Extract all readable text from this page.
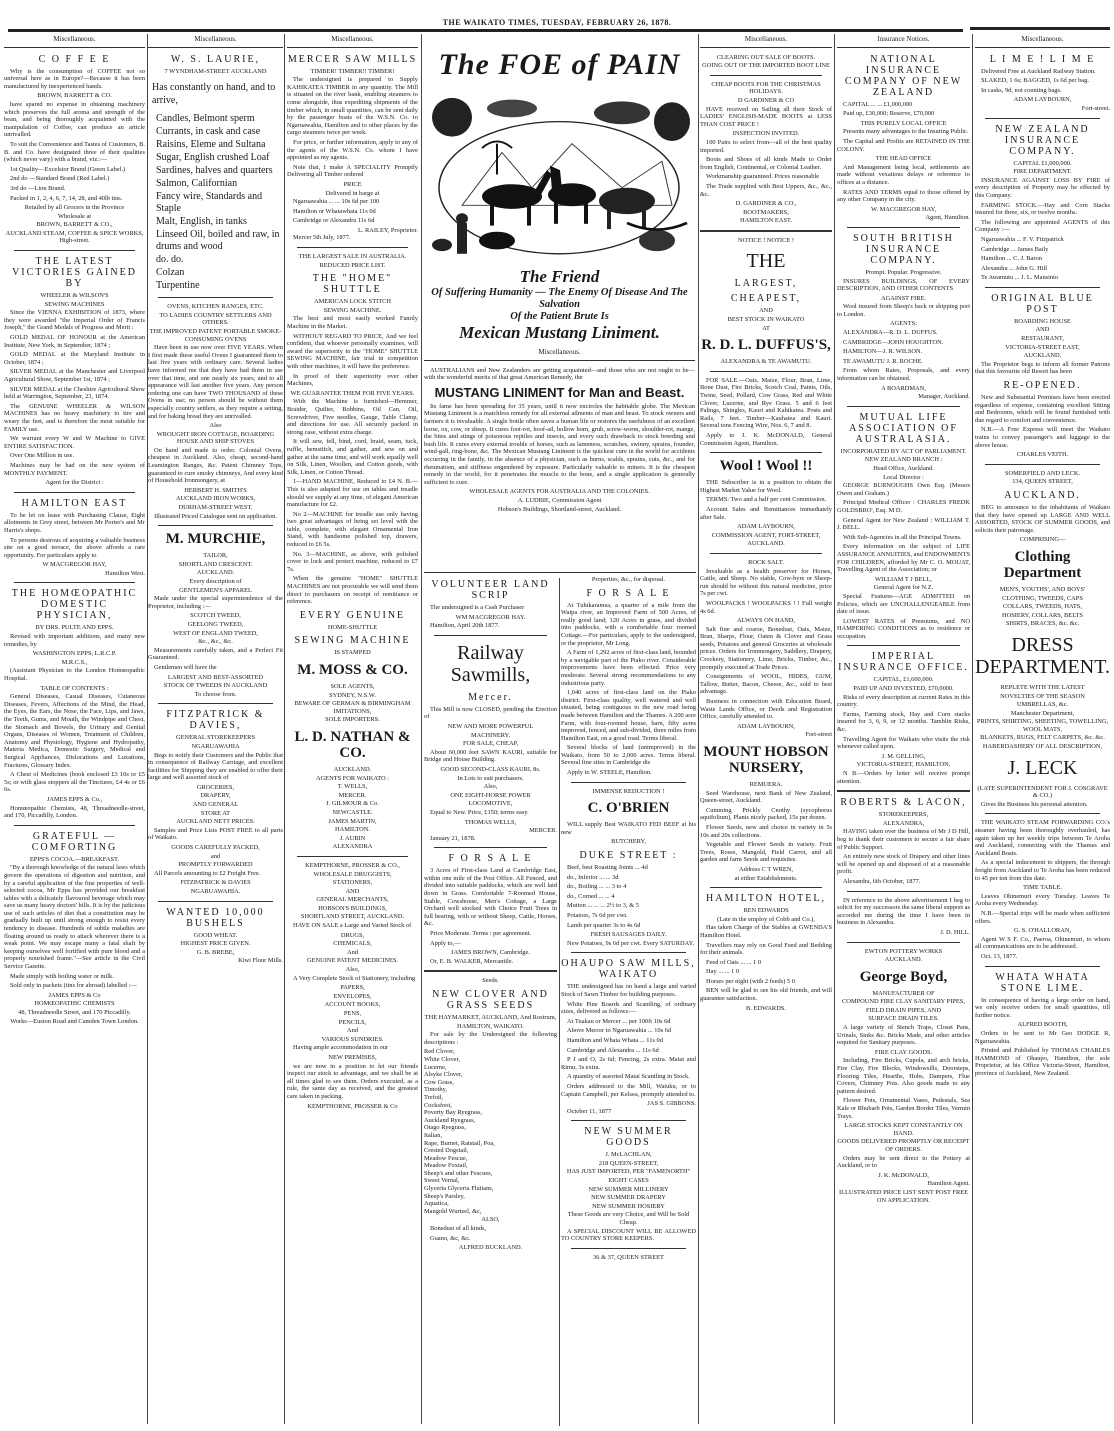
THE WAIKATO TIMES, TUESDAY, FEBRUARY 26, 1878.
The FOE of PAIN
The Friend
Of Suffering Humanity — The Enemy Of Disease And The Salvation
Of the Patient Brute Is
Mexican Mustang Liniment.
Miscellaneous.
C O F F E E
Why is the consumption of COFFEE not so universal here as in Europe?—Because it has been manufactured by inexperienced hands.
BROWN, BARRETT & CO.
have spared no expense in obtaining machinery which preserves the full aroma and strength of the bean, and being thoroughly acquainted with the manipulation of Coffee, can produce an article unrivalled.
To suit the Convenience and Tastes of Customers, B. B. and Co. have designated three of their qualities (which never vary) with a brand, viz.:—
1st Quality—Excelsior Brand (Green Label.)
2nd do —Standard Brand (Red Label.)
3rd do —Lion Brand.
Packed in 1, 2, 4, 6, 7, 14, 28, and 40lb tins.
Retailed by all Grocers in the Province
Wholesale at
BROWN, BARRETT & CO.,
AUCKLAND STEAM, COFFEE & SPICE WORKS, High-street.
THE LATEST VICTORIES GAINED BY
WHEELER & WILSON'S
SEWING MACHINES
Since the VIENNA EXHIBITION of 1873, where they were awarded "the Imperial Order of Francis Joseph," the Grand Medals of Progress and Merit :
GOLD MEDAL OF HONOUR at the American Institute, New York, in September, 1874 ;
GOLD MEDAL at the Maryland Institute in October, 1874 ;
SILVER MEDAL at the Manchester and Liverpool Agricultural Show, September 1st, 1874 ;
SILVER MEDAL at the Cheshire Agricultural Show held at Warrington, September, 23, 1874.
The GENUINE WHEELER & WILSON MACHINES has no heavy machinery to tire and weary the feet, and is therefore the most suitable for FAMILY use.
We warrant every W and W Machine to GIVE ENTIRE SATISFACTION.
Over One Million in use.
Machines may be had on the new system of MONTHLY PAYMENT.
Agent for the District :
HAMILTON EAST
To be let on lease with Purchasing Clause, Eight allotments in Grey street, between Mr Porter's and Mr Harris's shops.
To persons desirous of acquiring a valuable business site on a good terrace, the above affords a rare opportunity. For particulars apply to
W MACGREGOR HAY,
Hamilton West.
THE HOMŒOPATHIC DOMESTIC PHYSICIAN,
BY DRS. PULTE AND EPPS.
Revised with important additions, and many new remedies, by
WASHINGTON EPPS, L.R.C.P.
M.R.C.S.,
(Assistant Physician to the London Homœopathic Hospital.
TABLE OF CONTENTS :
General Diseases, Casual Diseases, Cutaneous Diseases, Fevers, Affections of the Mind, the Head, the Eyes, the Ears, the Nose, the Face, Lips, and Jaws, the Teeth, Gums, and Mouth, the Windpipe and Chest, the Stomach and Bowels, the Urinary and Genital Organs, Diseases of Women, Treatment of Children, Anatomy and Physiology, Hygiene and Hydropathy, Materia Medica, Domestic Surgery, Medical and Surgical Appliances, Dislocations and Luxations, Fractures, Glossary Index.
A Chest of Medicines (book enclosed £3 10s or £5 5s; or with glass stoppers all the Tinctures, £4 4s or £6 6s.
JAMES EPPS & Co.,
Homœopathic Chemists, 48, Threadneedle-street, and 170, Piccadilly, London.
GRATEFUL — COMFORTING
EPPS'S COCOA.—BREAKFAST.
"By a thorough knowledge of the natural laws which govern the operations of digestion and nutrition, and by a careful application of the fine properties of well-selected cocoa, Mr Epps has provided our breakfast tables with a delicately flavoured beverage which may save us many heavy doctors' bills. It is by the judicious use of such articles of diet that a constitution may be gradually built up until strong enough to resist every tendency to disease. Hundreds of subtle maladies are floating around us ready to attack wherever there is a weak point. We may escape many a fatal shaft by keeping ourselves well fortified with pure blood and a properly nourished frame."—See article in the Civil Service Gazette.
Made simply with boiling water or milk.
Sold only in packets (tins for abroad) labelled :—
JAMES EPPS & Co
HOMŒOPATHIC CHEMISTS
48, Threadneedle Street, and 170 Piccadilly.
Works—Euston Road and Camden Town London.
Miscellaneous.
W. S. LAURIE,
7 WYNDHAM-STREET AUCKLAND
Has constantly on hand, and to arrive,
Candles, Belmont sperm
Currants, in cask and case
Raisins, Eleme and Sultana
Sugar, English crushed Loaf
Sardines, halves and quarters
Salmon, Californian
Fancy wire, Standards and Staple
Malt, English, in tanks
Linseed Oil, boiled and raw, in drums and wood
do. do.
Colzan
Turpentine
OVENS, KITCHEN RANGES, ETC.
TO LADIES COUNTRY SETTLERS AND OTHERS.
THE IMPROVED PATENT PORTABLE SMOKE-CONSUMING OVENS
Have been in use now over FIVE YEARS. When I first made these useful Ovens I guaranteed them to last five years with ordinary care. Several ladies have informed me that they have had them in use over that time, and one nearly six years, and to all appearance will last another five years. Any person ordering one can have TWO THOUSAND of these Ovens in use; no person should be without them especially country settlers, as they require a setting, and for baking bread they are unrivalled.
Also
WROUGHT IRON COTTAGE, BOARDING HOUSE AND SHIP STOVES
On hand and made to order. Colonial Ovens, cheapest in Auckland. Also, cheap, second-hand Leamington Ranges, &c. Patent Chimney Tops, guaranteed to cure smoky chimneys, And every kind of Household Ironmongery, at
HERBERT H. SMITH'S
AUCKLAND IRON WORKS,
DURHAM-STREET WEST.
Illustrated Priced Catalogue sent on application.
M. MURCHIE,
TAILOR,
SHORTLAND CRESCENT.
AUCKLAND.
Every description of
GENTLEMEN'S APPAREL
Made under the special superintendence of the Proprietor, including :—
SCOTCH TWEED,
GEELONG TWEED,
WEST OF ENGLAND TWEED,
&c., &c., &c.
Measurements carefully taken, and a Perfect Fit Guaranteed.
Gentlemen will have the
LARGEST AND BEST-ASSORTED
STOCK OF TWEEDS IN AUCKLAND
To choose from.
FITZPATRICK & DAVIES,
GENERAL STOREKEEPERS
NGARUAWAHIA
Begs to notify their Customers and the Public that in consequence of Railway Carriage, and excellent facilities for Shipping they are enabled to offer their large and well assorted stock of
GROCERIES,
DRAPERY,
AND GENERAL
STORE AT
AUCKLAND NETT PRICES.
Samples and Price Lists POST FREE to all parts of Waikato.
GOODS CAREFULLY PACKED,
and
PROMPTLY FORWARDED
All Parcels amounting to £2 Freight Free.
FITZPATRICK & DAVIES
NGARUAWAHIA.
WANTED 10,000 BUSHELS
GOOD WHEAT.
HIGHEST PRICE GIVEN.
G. B. BREBE,
Kiwi Flour Mills.
Miscellaneous.
MERCER SAW MILLS
TIMBER! TIMBER!! TIMBER!
The undersigned is prepared to Supply KAHIKATEA TIMBER in any quantity. The Mill is situated on the river bank, enabling steamers to come alongside, thus expediting shipments of the timber which, in small quantities, can be sent daily by the passenger boats of the W.S.N. Co. to Ngaruawahia, Hamilton and to other places by the cargo steamers twice per week.
For price, or further information, apply to any of the agents of the W.S.N. Co. whom I have appointed as my agents.
Note that, I make A SPECIALITY Promptly Delivering all Timber ordered
PRICE
Delivered in barge at
Ngaruawahia ... ... 10s 6d per 100
Hamilton or Whatawhata 11s 0d
Cambridge or Alexandra 11s 6d
L. RAILEY, Proprietor.
Mercer 5th July, 1877.
THE LARGEST SALE IN AUSTRALIA.
REDUCED PRICE LIST.
THE "HOME" SHUTTLE
AMERICAN LOCK STITCH
SEWING MACHINE.
The best and most easily worked Family Machine in the Market.
WITHOUT REGARD TO PRICE, And we feel confident, that whoever personally examines, will award the superiority to the "HOME" SHUTTLE SEWING MACHINE, fair trial in competition with other machines, it will have the preference.
In proof of their superiority over other Machines,
WE GUARANTEE THEM FOR FIVE YEARS.
With the Machine is furnished—Hemmer, Braider, Quilter, Bobbins, Oil Can, Oil, Screwdriver, Five needles, Gauge, Table Clamp, and directions for use. All securely packed in strong case, without extra charge.
It will sew, fell, bind, cord, braid, seam, tuck, ruffle, hemstitch, and gather, and sew on and gather at the same time, and will work equally well on Silk, Linen, Woollen, and Cotton goods, with Silk, Linen, or Cotton Thread.
1—HAND MACHINE, Reduced to £4 N. B.—This is also adapted for use on tables and treadle should we supply at any time, of elegant American manufacture for £2.
No 2—MACHINE for treadle use only having two great advantages of being set level with the table, complete, with elegant Ornamental Iron Stand, with handsome polished top, drawers, reduced to £6 5s.
No. 3—MACHINE, as above, with polished cover to lock and protect machine, reduced to £7 7s.
When the genuine "HOME" SHUTTLE MACHINES are not procurable we will send them direct to purchasers on receipt of remittance or reference.
EVERY GENUINE
HOME-SHUTTLE
SEWING MACHINE
IS STAMPED
M. MOSS & CO.
SOLE AGENTS,
SYDNEY, N.S.W.
BEWARE OF GERMAN & BIRMINGHAM IMITATIONS,
SOLE IMPORTERS.
L. D. NATHAN & CO.
AUCKLAND.
AGENTS FOR WAIKATO :
T. WELLS,
MERCER.
J. GILMOUR & Co.
NEWCASTLE.
JAMES MARTIN,
HAMILTON.
J. AUBIN
ALEXANDRA
KEMPTHORNE, PROSSER & CO.,
WHOLESALE DRUGGISTS,
STATIONERS,
AND
GENERAL MERCHANTS,
HOBSON'S BUILDINGS,
SHORTLAND STREET, AUCKLAND.
HAVE ON SALE a Large and Varied Stock of
DRUGS,
CHEMICALS,
And
GENUINE PATENT MEDICINES.
Also,
A Very Complete Stock of Stationery, including
PAPERS,
ENVELOPES,
ACCOUNT BOOKS,
PENS,
PENCILS,
And
VARIOUS SUNDRIES.
Having ample accommodation in our
NEW PREMISES,
we are now in a position to let our friends inspect our stock to advantage, and we shall be at all times glad to see them. Orders executed, as a rule, the same day as received, and the greatest care taken in packing.
KEMPTHORNE, PROSSER & Co
Miscellaneous.
AUSTRALIANS and New Zealanders are getting acquainted—and those who are not ought to be—with the wonderful merits of that great American Remedy, the
MUSTANG LINIMENT for Man and Beast.
Its fame has been spreading for 35 years, until it now encircles the habitable globe. The Mexican Mustang Liniment is a matchless remedy for all external ailments of man and beast. To stock owners and farmers it is invaluable. A single bottle often saves a human life or restores the usefulness of an excellent horse, ox, cow, or sheep. It cures foot-rot, hoof-ail, hollow horn, grub, screw-worm, shoulder-rot, mange, the bites and stings of poisonous reptiles and insects, and every such drawback to stock breeding and bush life. It cures every external trouble of horses, such as lameness, scratches, swinny, sprains, founder, wind-gall, ring-bone, &c. The Mexican Mustang Liniment is the quickest cure in the world for accidents occurring in the family, in the absence of a physician, such as burns, scalds, sprains, cuts, &c., and for rheumatism, and stiffness engendered by exposure. Particularly valuable to miners. It is the cheapest remedy in the world, for it penetrates the muscle to the bone, and a single application is generally sufficient to cure.
WHOLESALE AGENTS FOR AUSTRALIA AND THE COLONIES.
A. LUDBIE, Commission Agent
Hobson's Buildings, Shortland-street, Auckland.
VOLUNTEER LAND SCRIP
The undersigned is a Cash Purchaser
WM MACGREGOR HAY.
Hamilton, April 20th 1877.
Railway Sawmills,
Mercer.
This Mill is now CLOSED, pending the Erection of
NEW AND MORE POWERFUL
MACHINERY.
FOR SALE, CHEAP,
About 60,000 feet SAWN KAURI, suitable for Bridge and House Building.
GOOD SECOND-CLASS KAURI, 8s.
In Lots to suit purchasers.
Also,
ONE EIGHT-HORSE POWER
LOCOMOTIVE,
Equal to New. Price, £150; terms easy.
THOMAS WELLS,
MERCER.
January 21, 1878.
F O R S A L E
3 Acres of First-class Land at Cambridge East, within one mile of the Post Office. All Fenced, and divided into suitable paddocks, which are well laid down in Grass. Comfortable 7-Roomed House, Stable, Cowshouse, Men's Cottage, a Large Orchard well stocked with Choice Fruit Trees in full bearing, with or without Sheep, Cattle, Horses, &c.
Price Moderate. Terms : per agreement.
Apply to,—
JAMES BROWN, Cambridge.
Or, E. B. WALKER, Mercantile.
Seeds.
NEW CLOVER AND GRASS SEEDS
THE HAYMARKET, AUCKLAND, And Rostrum,
HAMILTON, WAIKATO.
For sale by the Undersigned the following descriptions :
Red Clover,
White Clover,
Lucerne,
Alsyke Clover,
Cow Grass,
Timothy,
Trefoil,
Cocksfoot,
Poverty Bay Ryegrass,
Auckland Ryegrass,
Otago Ryegrass,
Italian,
Rape, Burnet, Ratstail, Poa,
Crested Dogstail,
Meadow Fescue,
Meadow Foxtail,
Sheep's and other Fescues,
Sweet Vernal,
Glyceria Glyceria Fluitans,
Sheep's Parsley,
Aquatica,
Mangold Wurtzel, &c,
ALSO,
Bonedust of all kinds,
Guano, &c, &c.
ALFRED BUCKLAND.
Properties, &c., for disposal.
F O R S A L E
At Tuhikaramea, a quarter of a mile from the Waipa river, an Improved Farm of 500 Acres, of really good land; 120 Acres in grass, and divided into paddocks, with a comfortable four roomed Cottage.—For particulars, apply to the undersigned, or the proprietor, Mr Long.
A Farm of 1,292 acres of first-class land, bounded by a navigable part of the Piako river. Considerable improvements have been effected. Price very moderate. Several strong recommendations to any industrious party.
1,040 acres of first-class land on the Piako district. First-class quality, well watered and well situated, being contiguous to the new road being made between Hamilton and the Thames. A 200 acre Farm, with four-roomed house, barn, fifty acres improved, fenced, and sub-divided, three miles from Hamilton East, on a good road. Terms liberal.
Several blocks of land (unimproved) in the Waikato, from 50 to 2,000 acres. Terms liberal. Several fine sites in Cambridge dis
Apply to W. STEELE, Hamilton.
IMMENSE REDUCTION !
C. O'BRIEN
WILL supply Best WAIKATO FED BEEF at his new
BUTCHERY,
DUKE STREET :
Beef, best Roasting Joints ... 4d
do., Inferior ... ... 3d
do., Boiling ... ... 3 to 4
do., Corned ... ... 4
Mutton ... ... ... 2½ to 3, & 5
Potatoes, 7s 6d per cwt.
Lamb per quarter 3s to 4s 6d
FRESH SAUSAGES DAILY.
New Potatoes, 9s 6d per cwt. Every SATURDAY.
OHAUPO SAW MILLS, WAIKATO
THE undersigned has on hand a large and varied Stock of Sawn Timber for building purposes.
White Pine Boards and Scantling, of ordinary sizes, delivered as follows:—
At Tuakau or Mercer ... per 100ft 10s 6d
Above Mercer to Ngaruawahia ... 10s 6d
Hamilton and Whata Whata ... 11s 0d
Cambridge and Alexandra ... 11s 6d
P J and O, 2s 6d; Fencing, 2s extra. Matai and Rimu, 3s extra.
A quantity of assorted Matai Scantling in Stock.
Orders addressed to the Mill, Waiuku, or to Captain Campbell, per Kelsea, promptly attended to.
JAS S. GIBBONS.
October 11, 1877
NEW SUMMER GOODS
J. McLACHLAN,
218 QUEEN-STREET,
HAS JUST IMPORTED, PER "FAMENORTH"
EIGHT CASES
NEW SUMMER MILLINERY
NEW SUMMER DRAPERY
NEW SUMMER HOSIERY
These Goods are very Choice, and Will be Sold Cheap.
A SPECIAL DISCOUNT WILL BE ALLOWED TO COUNTRY STORE KEEPERS.
36 & 37, QUEEN STREET
Miscellaneous.
CLEARING OUT SALE OF BOOTS.
GOING OUT OF THE IMPORTED BOOT LINE
CHEAP BOOTS FOR THE CHRISTMAS HOLIDAYS.
D GARDINER & CO
HAVE received on Sailing all their Stock of LADIES' ENGLISH-MADE BOOTS at LESS THAN COST PRICE !
INSPECTION INVITED.
100 Pairs to select from—all of the best quality imported.
Boots and Shoes of all kinds Made to Order from English, Continental, or Colonial Leather.
Workmanship guaranteed. Prices reasonable
The Trade supplied with Best Uppers, &c., &c., &c.
D. GARDINER & CO.,
BOOTMAKERS,
HAMILTON EAST.
NOTICE ! NOTICE !
THE
LARGEST,
CHEAPEST,
AND
BEST STOCK IN WAIKATO
AT
R. D. L. DUFFUS'S,
ALEXANDRA & TE AWAMUTU.
FOR SALE.—Oats, Maize, Flour, Bran, Lime, Bone Dust, Fire Bricks, Scotch Coal, Paints, Oils, Twine, Seed, Pollard, Cow Grass, Red and White Clover, Lucerne, and Rye Grass. 5 and 6 feet Palings, Shingles, Kauri and Kahikatea. Posts and Rails, 7 feet. Timber—Kauhatea and Kauri. Several tons Fencing Wire, Nos. 6, 7 and 8.
Apply to J. K. McDONALD, General Commission Agent, Hamilton.
Wool ! Wool !!
THE Subscriber is in a position to obtain the Highest Market Value for Wool.
TERMS: Two and a half per cent Commission.
Account Sales and Remittances immediately after Sale.
ADAM LAYBOURN,
COMMISSION AGENT, FORT-STREET,
AUCKLAND.
ROCK SALT.
Invaluable as a health preserver for Horses, Cattle, and Sheep. No stable, Cow-byre or Sheep-run should be without this natural medicine, price 7s per cwt.
WOOLPACKS ! WOOLPACKS ! ! Full weight 4s 6d.
ALWAYS ON HAND,
Salt fine and coarse, Bonedust, Oats, Maize, Bran, Sharps, Flour, Oaten & Clover and Grass seeds, Potatoes and general Groceries at wholesale prices. Orders for Ironmongery, Saddlery, Drapery, Crockery, Stationery, Lime, Bricks, Timber, &c., promptly executed at Trade Prices.
Consignments of WOOL, HIDES, GUM, Tallow, Butter, Bacon, Cheese, &c., sold to best advantage.
Business in connection with Education Board, Waste Lands Office, or Deeds and Registration Office, carefully attended to.
ADAM LAYBOURN,
Fort-street
MOUNT HOBSON NURSERY,
REMUERA.
Seed Warehouse, next Bank of New Zealand, Queen-street, Auckland.
Cumming Prickly Cnothy (sycophorus aquifolium), Plants nicely packed, 15s per dozen.
Flower Seeds, new and choice in variety in 5s 10s and 20s collections.
Vegetable and Flower Seeds in variety. Fruit Trees, Roses, Mangold, Field Carrot, and all garden and farm Seeds and requisites.
Address C T WREN,
at either Establishments.
HAMILTON HOTEL,
BEN EDWARDS
(Late in the employ of Cobb and Co.),
Has taken Charge of the Stables at GWENDA'S Hamilton Hotel.
Travellers may rely on Good Feed and Bedding for their animals.
Feed of Oats ... ... 1 0
Hay ... ... 1 0
Horses per night (with 2 feeds) 5 0
BEN will be glad to see his old friends, and will guarantee satisfaction.
B. EDWARDS.
Insurance Notices.
NATIONAL INSURANCE COMPANY OF NEW ZEALAND
CAPITAL ... ... £1,000,000
Paid up, £30,000; Reserve, £70,000
THIS PURELY LOCAL OFFICE
Presents many advantages to the Insuring Public.
The Capital and Profits are RETAINED IN THE COLONY.
THE HEAD OFFICE
And Management being local, settlements are made without vexatious delays or reference to offices at a distance.
RATES AND TERMS equal to those offered by any other Company in the city.
W. MACGREGOR HAY,
Agent, Hamilton.
SOUTH BRITISH INSURANCE COMPANY.
Prompt. Popular. Progressive.
INSURES BUILDINGS, OF EVERY DESCRIPTION, AND OTHER CONTENTS
AGAINST FIRE.
Wool insured from Sheep's back or shipping port to London.
AGENTS:
ALEXANDRA—R. D. L. DUFFUS.
CAMBRIDGE—JOHN HOUGHTON.
HAMILTON—J. R. WILSON.
TE AWAMUTU J. R. ROCHE.
From whom Rates, Proposals, and every information can be obtained.
A BOARDMAN,
Manager, Auckland.
MUTUAL LIFE ASSOCIATION OF AUSTRALASIA.
INCORPORATED BY ACT OF PARLIAMENT.
NEW ZEALAND BRANCH :
Head Office, Auckland.
Local Director :
GEORGE BURNOUGHS Own Esq. (Messrs Owen and Graham.)
Principal Medical Officer : CHARLES FREDK GOLDSBRO', Esq. M D.
General Agent for New Zealand : WILLIAM T. J. BELL.
With Sub-Agencies in all the Principal Towns.
Every information on the subject of LIFE ASSURANCE ANNUITIES, and ENDOWMENTS FOR CHILDREN, afforded by Mr C. O. MOUAT, Travelling Agent of the Association; or
WILLIAM T J BELL,
General Agent for N.Z.
Special Features—AGE ADMITTED on Policies, which are UNCHALLENGEABLE from date of issue.
LOWEST RATES of Premiums, and NO HAMPERING CONDITIONS as to residence or occupation.
IMPERIAL INSURANCE OFFICE.
CAPITAL, £1,600,000.
PAID UP AND INVESTED, £70,0000.
Risks of every description at current Rates in this country.
Farms, Farming stock, Hay and Corn stacks insured for 3, 6, 9, or 12 months. Tamblin Risks, &c.
Travelling Agent for Waikato who visits the risk whenever called upon.
J. M. GELLING,
VICTORIA-STREET, HAMILTON.
N B.—Orders by letter will receive prompt attention.
ROBERTS & LACON,
STOREKEEPERS,
ALEXANDRA,
HAVING taken over the business of Mr J D Hill, beg to thank their customers to secure a fair share of Public Support.
An entirely new stock of Drapery and other lines will be opened up and disposed of at a reasonable profit.
Alexandra, 6th October, 1877.
IN reference to the above advertisement I beg to solicit for my successors the same liberal support as accorded me during the time I have been in business in Alexandra.
J. D. HILL.
EWTON POTTERY WORKS
AUCKLAND.
George Boyd,
MANUFACTURER OF
COMPOUND FIRE CLAY SANITARY PIPES,
FIELD DRAIN PIPES, AND
SURFACE DRAIN TILES.
A large variety of Stench Traps, Closet Pans, Urinals, Sinks &c. Bricks Made, and other articles required for Sanitary purposes.
FIRE CLAY GOODS.
Including, Fire Bricks, Cupola, and arch bricks, Fire Clay, Fire Blocks, Windowsills, Doorsteps, Flooring Tiles, Hearths, Hobs, Dampers, Flue Covers, Chimney Pots. Also goods made to any pattern desired.
Flower Pots, Ornamental Vases, Pedestals, Sea Kale or Rhubarb Pots, Garden Border Tiles, Vermin Trays.
LARGE STOCKS KEPT CONSTANTLY ON HAND.
GOODS DELIVERED PROMPTLY OR RECEIPT OF ORDERS.
Orders may be sent direct to the Pottery at Auckland, or to
J. K. McDONALD,
Hamilton Agent.
ILLUSTRATED PRICE LIST SENT POST FREE ON APPLICATION.
Miscellaneous.
L I M E ! L I M E
Delivered Free at Auckland Railway Station.
SLAKED, 1 6s; BAGGED, 1s 6d per bag.
In casks, 9d, not counting bags.
ADAM LAYBOURN,
Fort-street.
NEW ZEALAND INSURANCE COMPANY.
CAPITAL £1,000,000.
FIRE DEPARTMENT.
INSURANCE AGAINST LOSS BY FIRE of every description of Property may be effected by this Company.
FARMING STOCK.—Hay and Corn Stacks insured for three, six, or twelve months.
The following are appointed AGENTS of this Company :—
Ngaruawahia ... F. V. Fitzpatrick
Cambridge ... James Baily
Hamilton ... C. J. Baron
Alexandra ... John G. Hill
Te Awamutu ... J. L. Mansinto
ORIGINAL BLUE POST
BOARDING HOUSE
AND
RESTAURANT,
VICTORIA-STREET EAST,
AUCKLAND.
The Proprietor begs to inform all former Patrons that this favourite old Resort has been
RE-OPENED.
New and Substantial Premises have been erected regardless of expense, containing excellent Sitting and Bedrooms, which will be found furnished with due regard to comfort and convenience.
N.B.—A Free Express will meet the Waikato trains to convey passenger's and luggage to the above house.
CHARLES VEITH.
SOMERFIELD AND LECK.
134, QUEEN STREET,
AUCKLAND.
BEG to announce to the inhabitants of Waikato that they have opened up LARGE AND WELL ASSORTED, STOCK OF SUMMER GOODS, and solicits their patronage.
COMPRISING—
Clothing Department
MEN'S, YOUTHS', AND BOYS'
CLOTHING, TWEEDS, CAPS
COLLARS, TWEEDS, HATS,
HOSIERY, COLLARS, BELTS
SHIRTS, BRACES, &c. &c.
DRESS DEPARTMENT.
REPLETE WITH THE LATEST
NOVELTIES OF THE SEASON
UMBRELLAS, &c.
Manchester Department,
PRINTS, SHIRTING, SHEETING, TOWELLING, WOOL MATS,
BLANKETS, RUGS, FELT CARPETS, &c. &c.
HABERDASHERY OF ALL DESCRIPTION,
J. LECK
(LATE SUPERINTENDENT FOR J. COSGRAVE & CO.)
Gives the Business his personal attention.
THE WAIKATO STEAM FORWARDING CO.'s steamer having been thoroughly overhauled, has again taken up her weekly trips between Te Aroha and Auckland, connecting with the Thames and Auckland Boats.
As a special inducement to shippers, the through freight from Auckland to Te Aroha has been reduced to 45 per ton from this date.
TIME TABLE.
Leaves Ohinemuri every Tuesday. Leaves Te Aroha every Wednesday.
N.B.—Special trips will be made when sufficient offers.
G. S. O'HALLORAN,
Agent W S F. Co., Paeroa, Ohinemuri, to whom all communications are to be addressed.
Oct. 13, 1877.
WHATA WHATA STONE LIME.
In consequence of having a large order on hand, we only receive orders for small quantities, till further notice.
ALFRED BOOTH,
Orders to be sent to Mr Geo DODGE R, Ngaruawahia.
Printed and Published by THOMAS CHARLES HAMMOND of Ohaupo, Hamilton, the sole Proprietor, at his Office Victoria-Street, Hamilton, province of Auckland, New Zealand.
